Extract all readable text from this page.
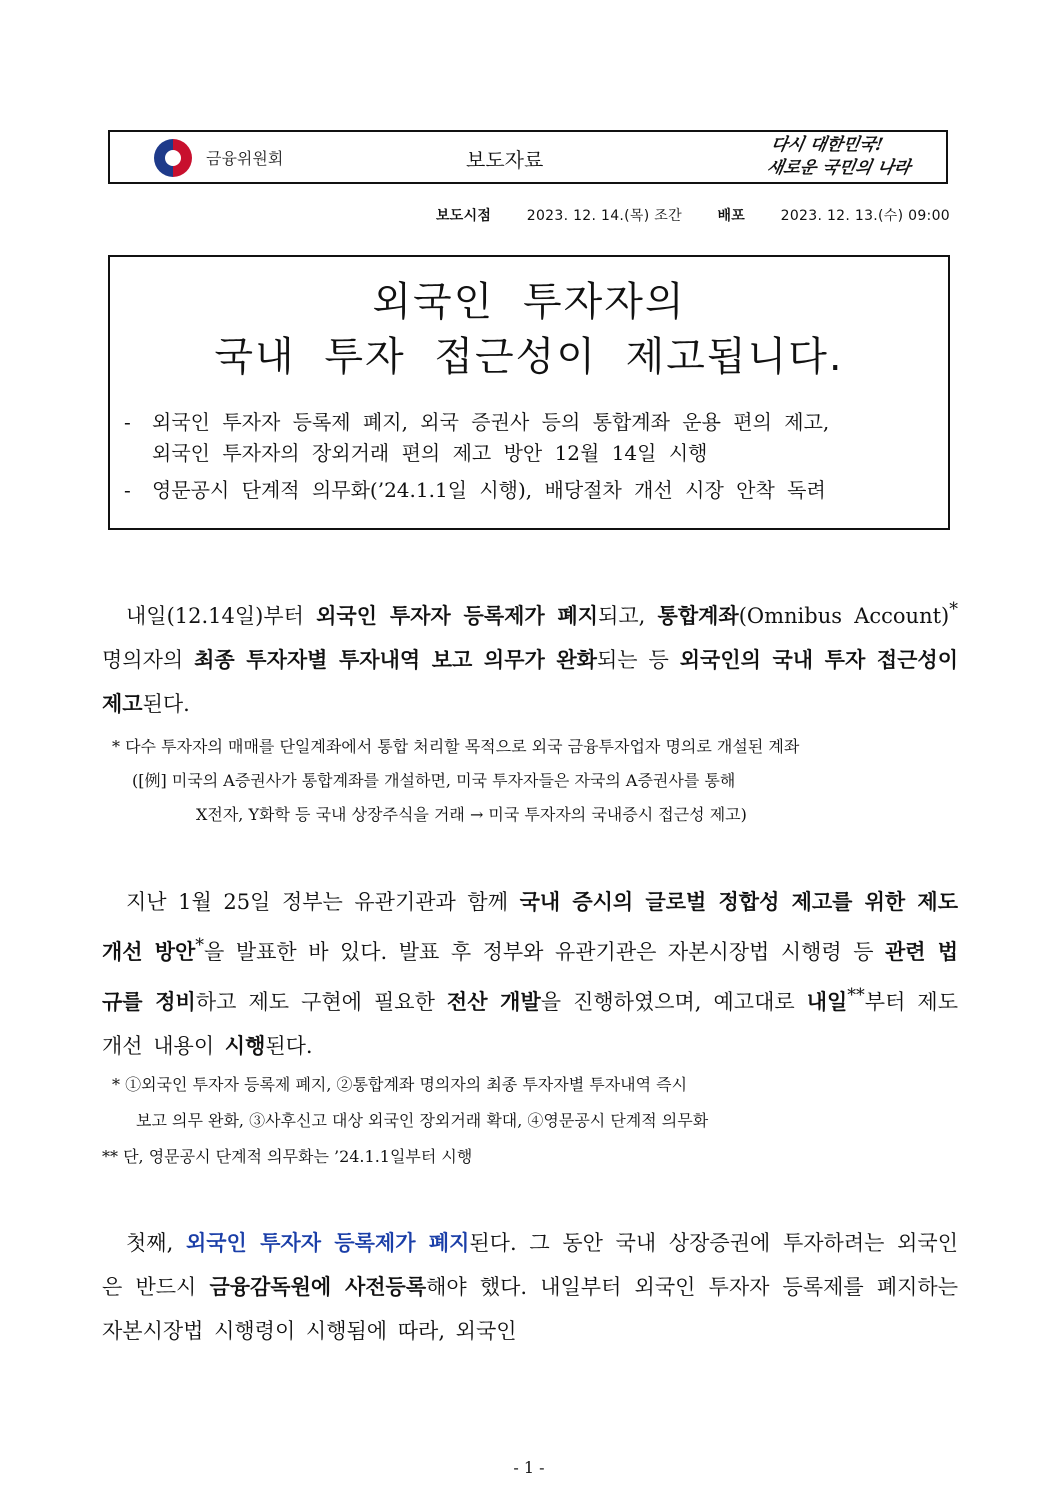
금융위원회	보도자료
다시 대한민국!
새로운 국민의 나라
보도시점	2023. 12. 14.(목) 조간	배포	2023. 12. 13.(수) 09:00
외국인 투자자의
국내 투자 접근성이 제고됩니다.
-	외국인 투자자 등록제 폐지, 외국 증권사 등의 통합계좌 운용 편의 제고,
외국인 투자자의 장외거래 편의 제고 방안 12월 14일 시행
-	영문공시 단계적 의무화(’24.1.1일 시행), 배당절차 개선 시장 안착 독려
내일(12.14일)부터 외국인 투자자 등록제가 폐지되고, 통합계좌(Omnibus Account)* 명의자의 최종 투자자별 투자내역 보고 의무가 완화되는 등 외국인의 국내 투자 접근성이 제고된다.
* 다수 투자자의 매매를 단일계좌에서 통합 처리할 목적으로 외국 금융투자업자 명의로 개설된 계좌
([例] 미국의 A증권사가 통합계좌를 개설하면, 미국 투자자들은 자국의 A증권사를 통해
X전자, Y화학 등 국내 상장주식을 거래 → 미국 투자자의 국내증시 접근성 제고)
지난 1월 25일 정부는 유관기관과 함께 국내 증시의 글로벌 정합성 제고를 위한 제도개선 방안*을 발표한 바 있다. 발표 후 정부와 유관기관은 자본시장법 시행령 등 관련 법규를 정비하고 제도 구현에 필요한 전산 개발을 진행하였으며, 예고대로 내일**부터 제도개선 내용이 시행된다.
* ①외국인 투자자 등록제 폐지, ②통합계좌 명의자의 최종 투자자별 투자내역 즉시
보고 의무 완화, ③사후신고 대상 외국인 장외거래 확대, ④영문공시 단계적 의무화
** 단, 영문공시 단계적 의무화는 ’24.1.1일부터 시행
첫째, 외국인 투자자 등록제가 폐지된다. 그 동안 국내 상장증권에 투자하려는 외국인은 반드시 금융감독원에 사전등록해야 했다. 내일부터 외국인 투자자 등록제를 폐지하는 자본시장법 시행령이 시행됨에 따라, 외국인
- 1 -
